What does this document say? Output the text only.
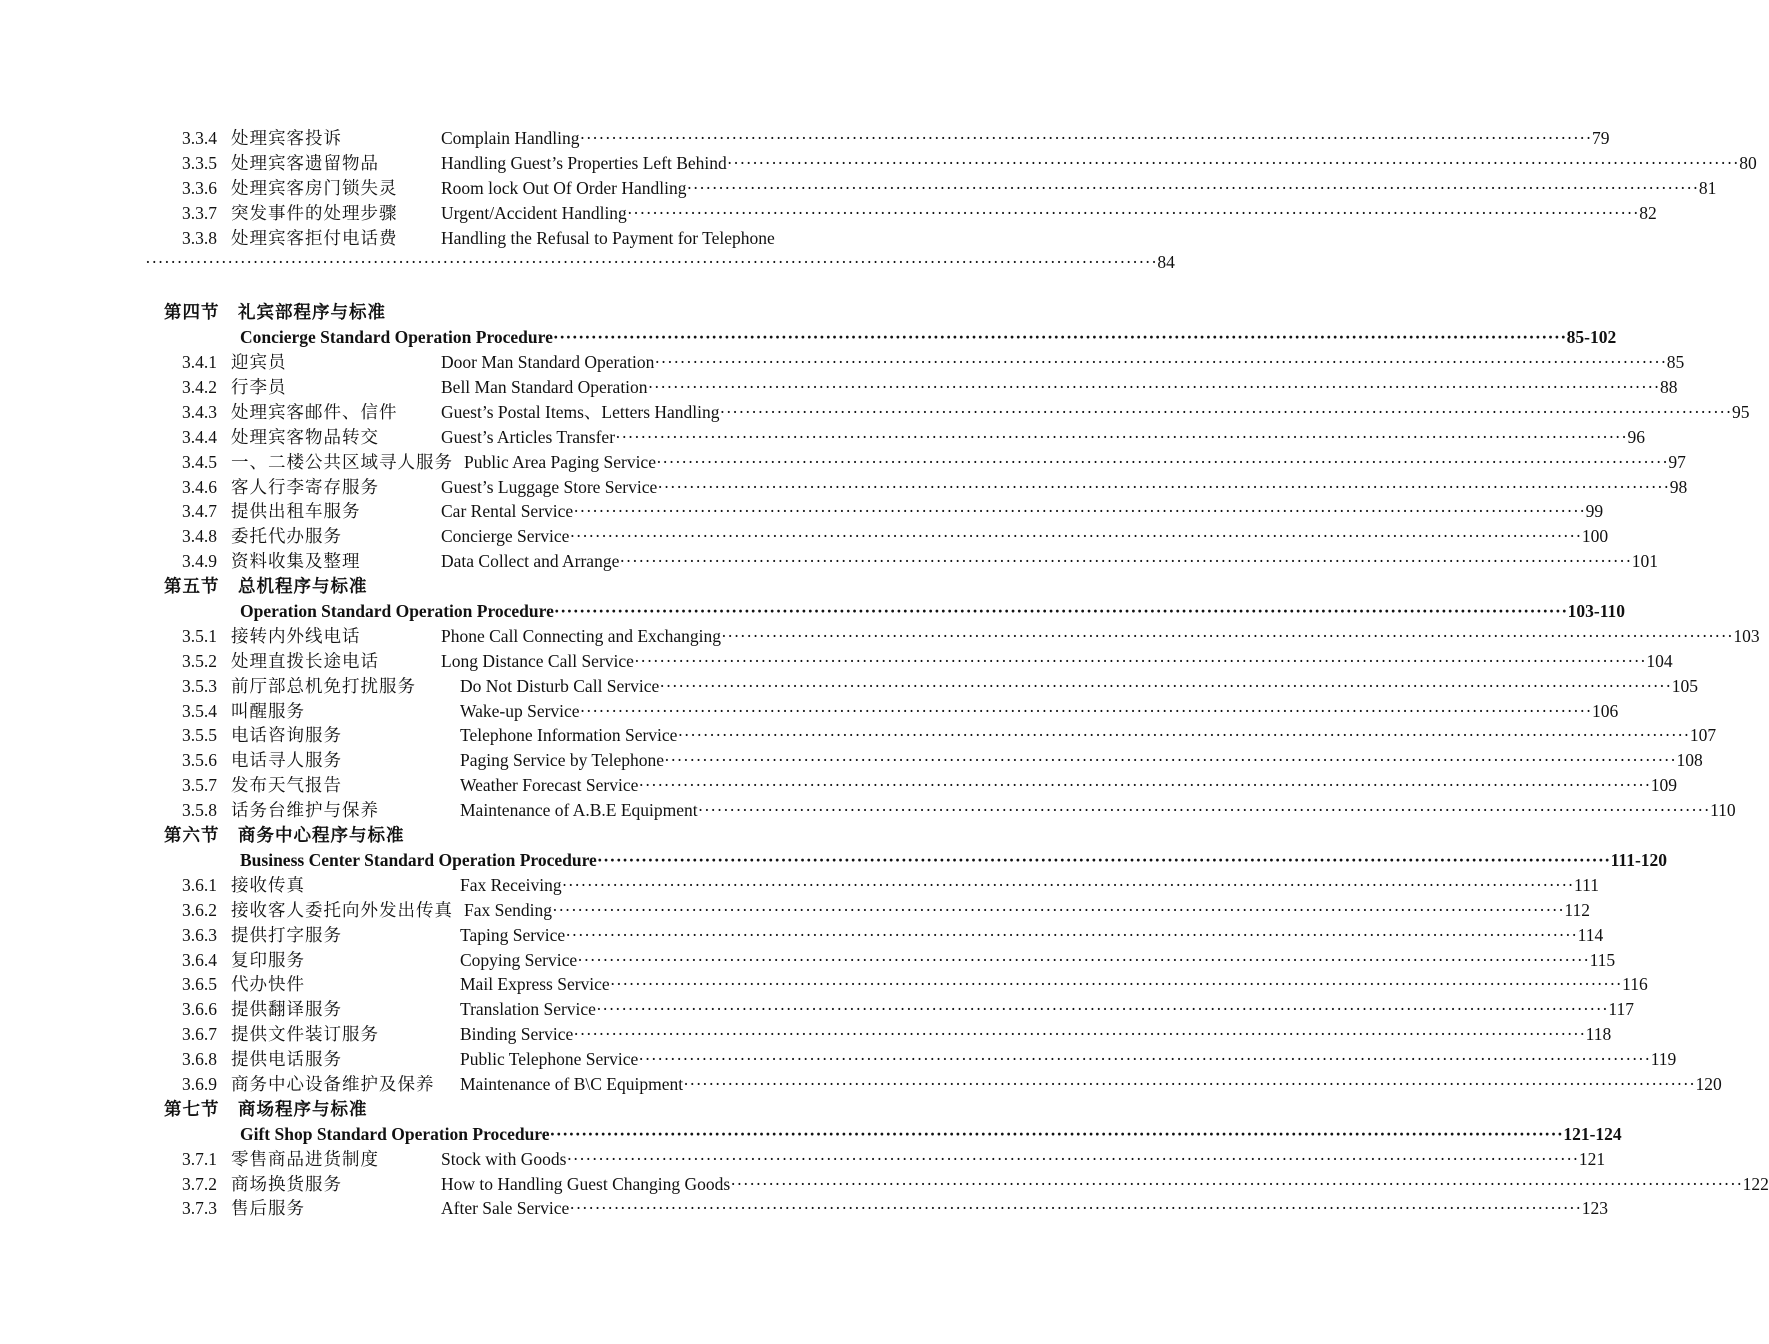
3.3.4 处理宾客投诉	Complain Handling ································································································································································ 79
3.3.5 处理宾客遗留物品	Handling Guest’s Properties Left Behind ································································································································································ 80
3.3.6 处理宾客房门锁失灵 Room lock Out Of Order Handling ································································································································································ 81
3.3.7 突发事件的处理步骤 Urgent/Accident Handling ································································································································································ 82
3.3.8 处理宾客拒付电话费 Handling the Refusal to Payment for Telephone
································································································································································ 84
第四节　礼宾部程序与标准
Concierge Standard Operation Procedure ································································································································································ 85-102
3.4.1 迎宾员	Door Man Standard Operation ································································································································································ 85
3.4.2 行李员	Bell Man Standard Operation ································································································································································ 88
3.4.3 处理宾客邮件、信件 Guest’s Postal Items、Letters Handling ································································································································································ 95
3.4.4 处理宾客物品转交	Guest’s Articles Transfer ································································································································································ 96
3.4.5 一、二楼公共区域寻人服务 Public Area Paging Service ································································································································································ 97
3.4.6 客人行李寄存服务	Guest’s Luggage Store Service ································································································································································ 98
3.4.7 提供出租车服务	Car Rental Service ································································································································································ 99
3.4.8 委托代办服务	Concierge Service ································································································································································ 100
3.4.9 资料收集及整理	Data Collect and Arrange ································································································································································ 101
第五节　总机程序与标准
Operation Standard Operation Procedure ································································································································································ 103-110
3.5.1 接转内外线电话	Phone Call Connecting and Exchanging ································································································································································ 103
3.5.2 处理直拨长途电话	Long Distance Call Service ································································································································································ 104
3.5.3 前厅部总机免打扰服务	Do Not Disturb Call Service ································································································································································ 105
3.5.4 叫醒服务	Wake-up Service ································································································································································ 106
3.5.5 电话咨询服务	Telephone Information Service ································································································································································ 107
3.5.6 电话寻人服务	Paging Service by Telephone ································································································································································ 108
3.5.7 发布天气报告	Weather Forecast Service ································································································································································ 109
3.5.8 话务台维护与保养	Maintenance of A.B.E Equipment ································································································································································ 110
第六节　商务中心程序与标准
Business Center Standard Operation Procedure ································································································································································ 111-120
3.6.1 接收传真	Fax Receiving ································································································································································ 111
3.6.2 接收客人委托向外发出传真 Fax Sending ································································································································································ 112
3.6.3 提供打字服务	Taping Service ································································································································································ 114
3.6.4 复印服务	Copying Service ································································································································································ 115
3.6.5 代办快件	Mail Express Service ································································································································································ 116
3.6.6 提供翻译服务	Translation Service ································································································································································ 117
3.6.7 提供文件装订服务	Binding Service ································································································································································ 118
3.6.8 提供电话服务	Public Telephone Service ································································································································································ 119
3.6.9 商务中心设备维护及保养 Maintenance of B\C Equipment ································································································································································ 120
第七节　商场程序与标准
Gift Shop Standard Operation Procedure ································································································································································ 121-124
3.7.1 零售商品进货制度	Stock with Goods ································································································································································ 121
3.7.2 商场换货服务	How to Handling Guest Changing Goods ································································································································································ 122
3.7.3 售后服务	After Sale Service ································································································································································ 123
